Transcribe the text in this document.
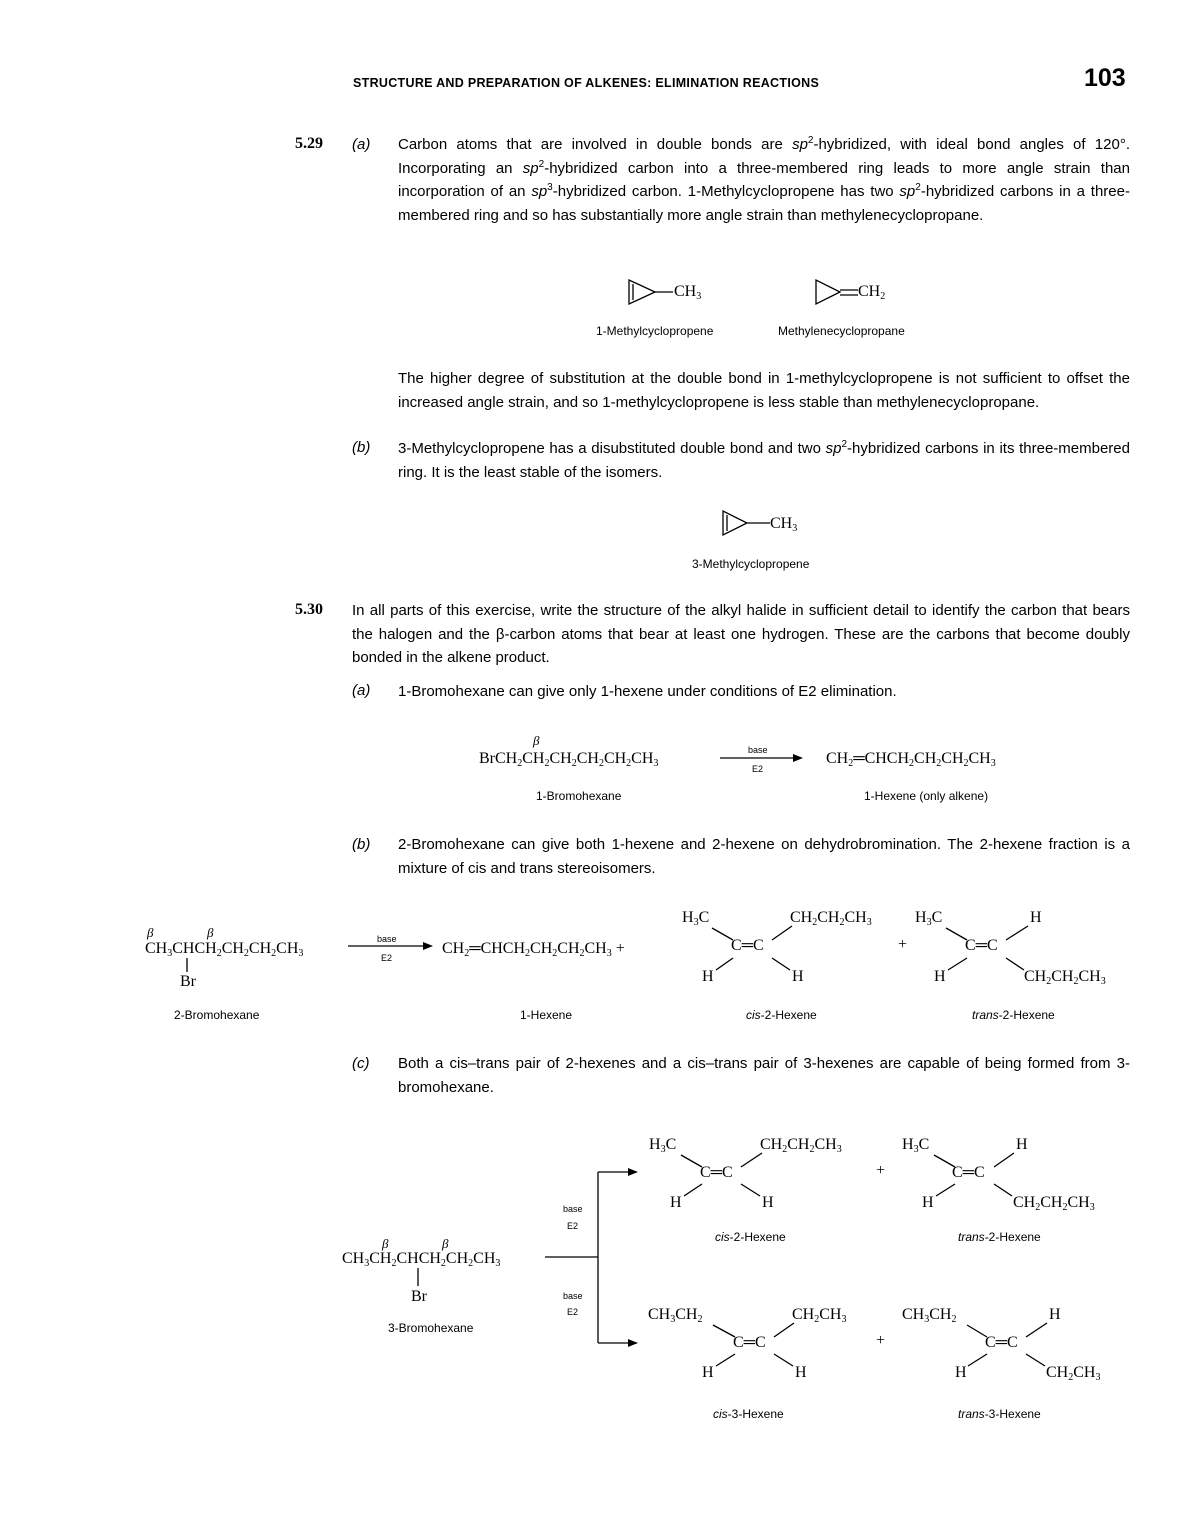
STRUCTURE AND PREPARATION OF ALKENES: ELIMINATION REACTIONS	103
5.29 (a) Carbon atoms that are involved in double bonds are $sp^2$-hybridized, with ideal bond angles of 120°. Incorporating an $sp^2$-hybridized carbon into a three-membered ring leads to more angle strain than incorporation of an $sp^3$-hybridized carbon. 1-Methylcyclopropene has two $sp^2$-hybridized carbons in a three-membered ring and so has substantially more angle strain than methylenecyclopropane.
$CH_3$
1-Methylcyclopropene
$CH_2$
Methylenecyclopropane
The higher degree of substitution at the double bond in 1-methylcyclopropene is not sufficient to offset the increased angle strain, and so 1-methylcyclopropene is less stable than methylenecyclopropane.
(b) 3-Methylcyclopropene has a disubstituted double bond and two $sp^2$-hybridized carbons in its three-membered ring. It is the least stable of the isomers.
$CH_3$
3-Methylcyclopropene
5.30 In all parts of this exercise, write the structure of the alkyl halide in sufficient detail to identify the carbon that bears the halogen and the β-carbon atoms that bear at least one hydrogen. These are the carbons that become doubly bonded in the alkene product.
(a) 1-Bromohexane can give only 1-hexene under conditions of E2 elimination.
β
$BrCH_2CH_2CH_2CH_2CH_2CH_3$
base
E2
$CH_2═CHCH_2CH_2CH_2CH_3$
1-Bromohexane	1-Hexene (only alkene)
(b) 2-Bromohexane can give both 1-hexene and 2-hexene on dehydrobromination. The 2-hexene fraction is a mixture of cis and trans stereoisomers.
β	β
$CH_3CHCH_2CH_2CH_2CH_3$
Br
base
E2
$CH_2═CHCH_2CH_2CH_2CH_3$ +
$H_3C$	$CH_2CH_2CH_3$
C═C
H	H
+
$H_3C$	H
C═C
H	$CH_2CH_2CH_3$
2-Bromohexane	1-Hexene	cis-2-Hexene	trans-2-Hexene
(c) Both a cis–trans pair of 2-hexenes and a cis–trans pair of 3-hexenes are capable of being formed from 3-bromohexane.
β	β
$CH_3CH_2CHCH_2CH_2CH_3$
Br
3-Bromohexane
base
E2
base
E2
$H_3C$	$CH_2CH_2CH_3$
C═C
H	H
+
$H_3C$	H
C═C
H	$CH_2CH_2CH_3$
cis-2-Hexene	trans-2-Hexene
$CH_3CH_2$	$CH_2CH_3$
C═C
H	H
+
$CH_3CH_2$	H
C═C
H	$CH_2CH_3$
cis-3-Hexene	trans-3-Hexene
